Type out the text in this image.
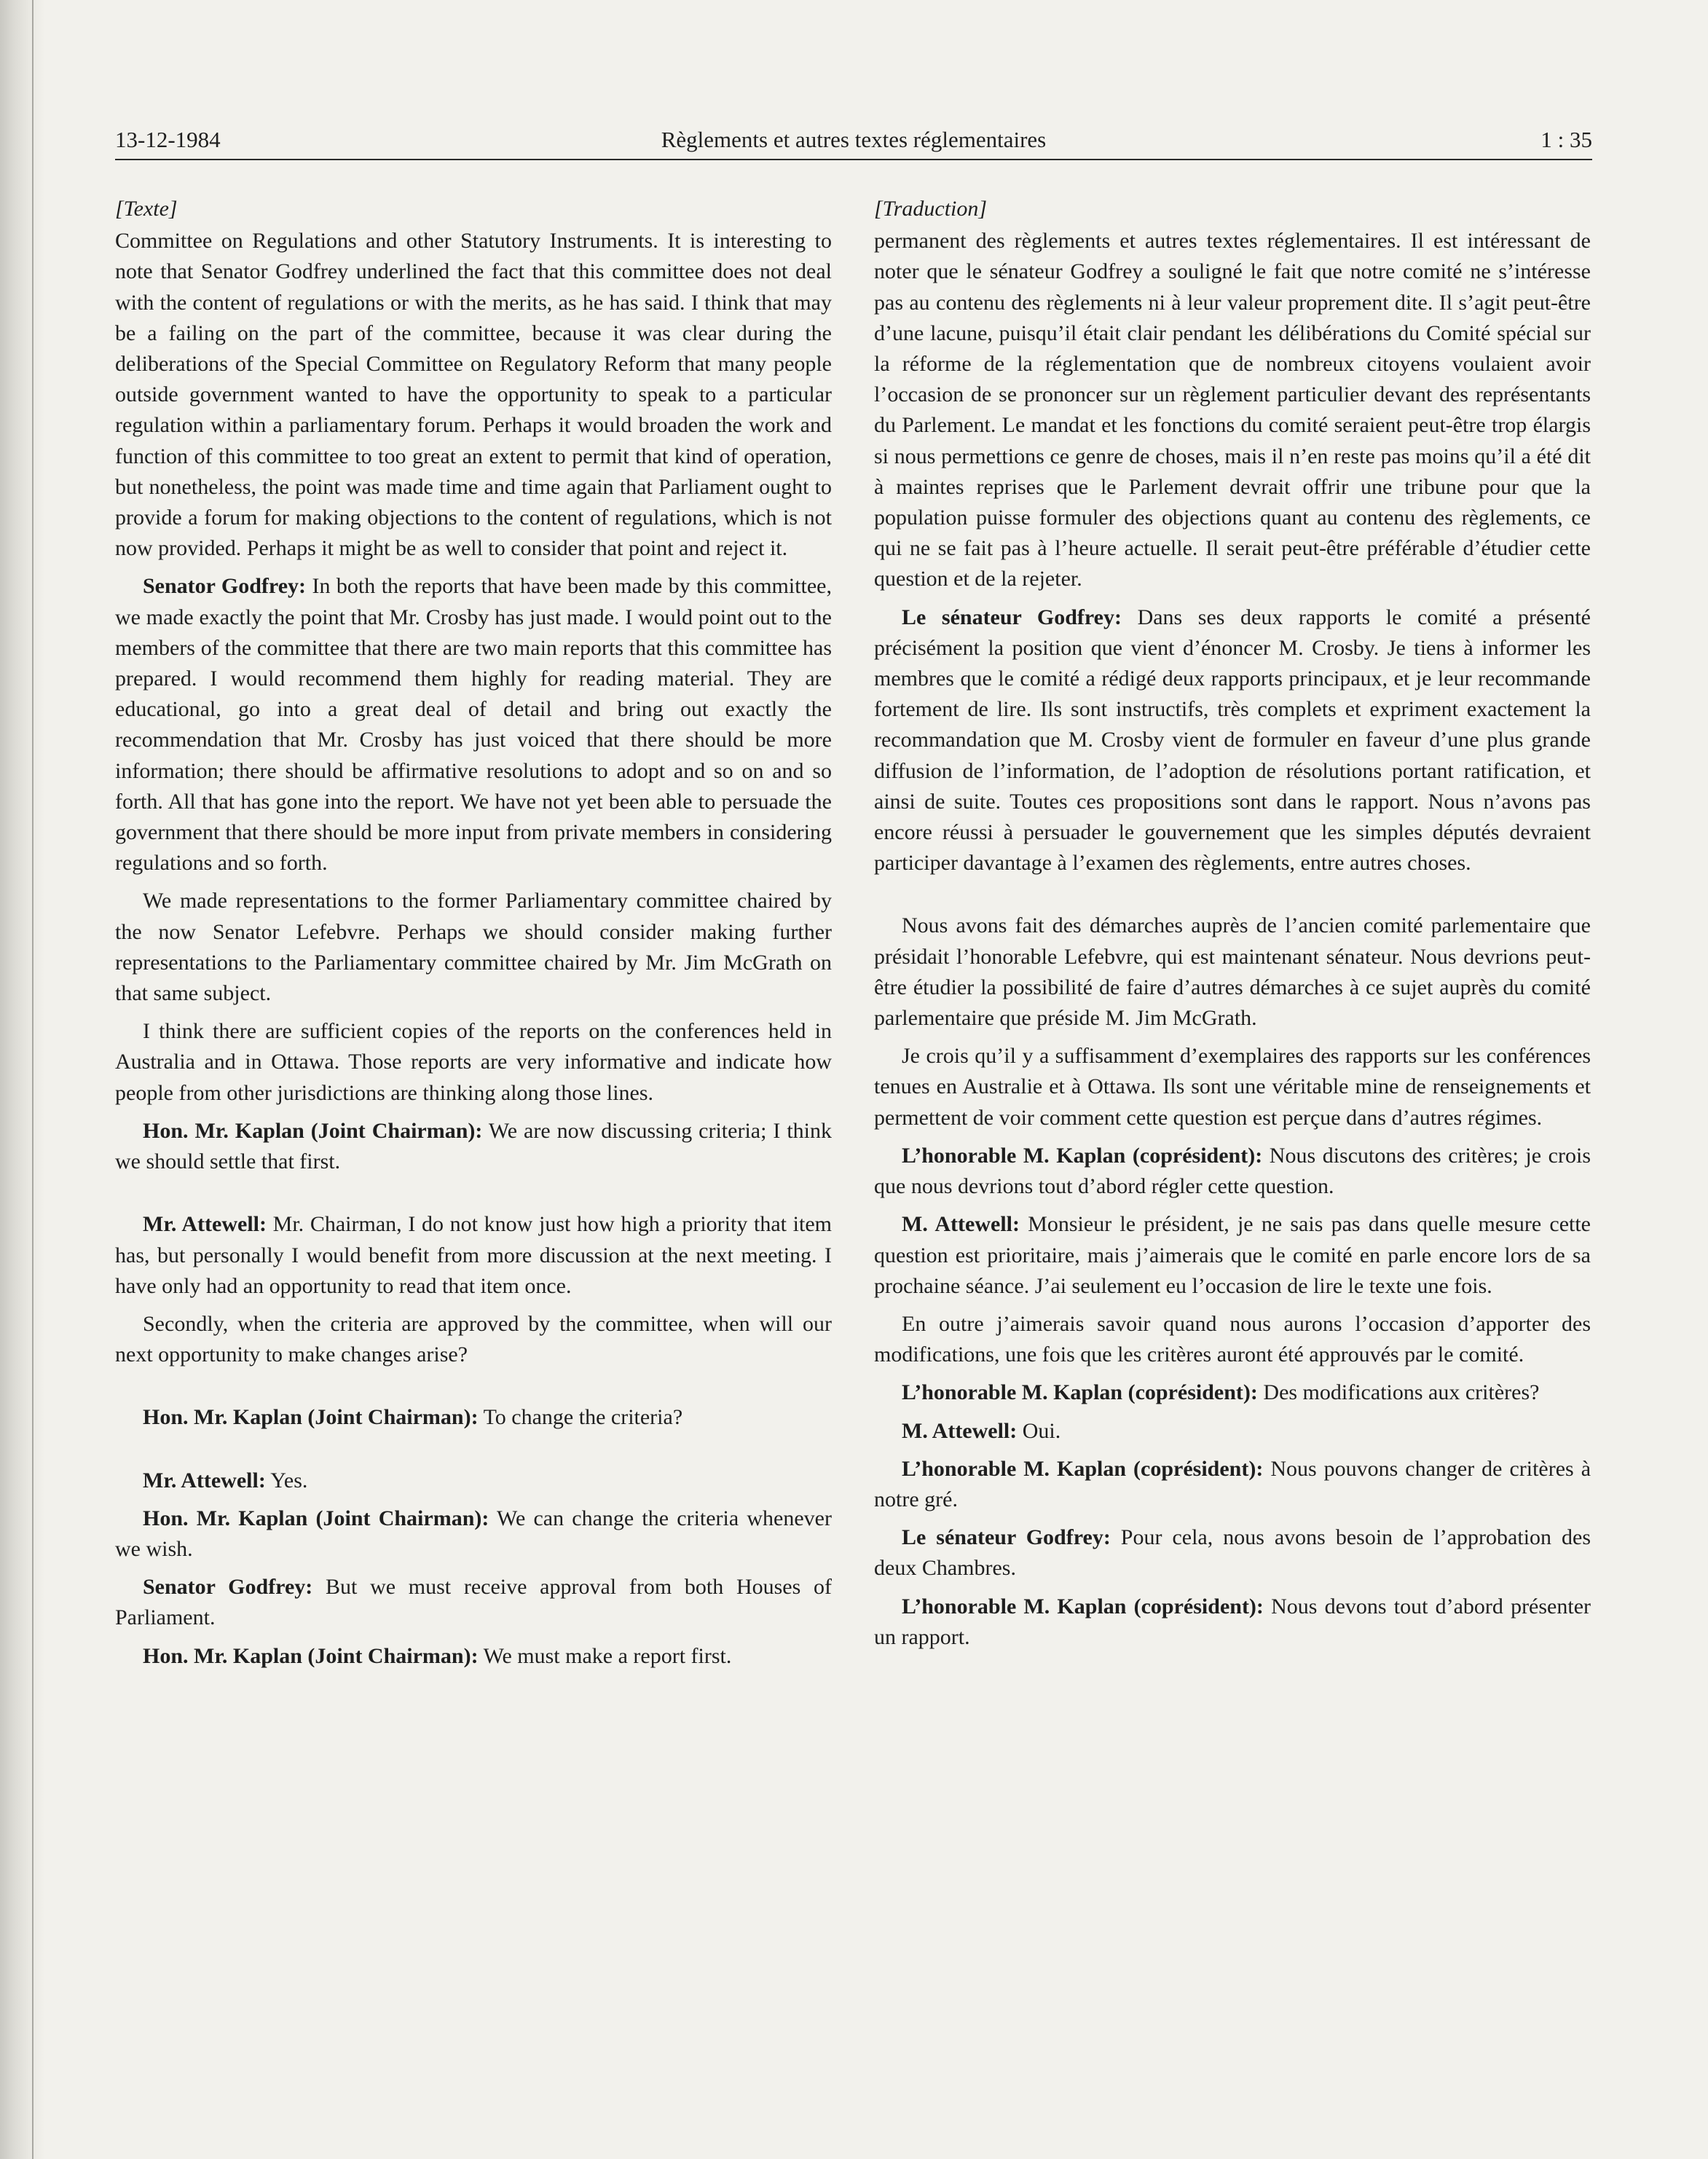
13-12-1984	Règlements et autres textes réglementaires	1 : 35
[Texte]

Committee on Regulations and other Statutory Instruments. It is interesting to note that Senator Godfrey underlined the fact that this committee does not deal with the content of regulations or with the merits, as he has said. I think that may be a failing on the part of the committee, because it was clear during the deliberations of the Special Committee on Regulatory Reform that many people outside government wanted to have the opportunity to speak to a particular regulation within a parliamentary forum. Perhaps it would broaden the work and function of this committee to too great an extent to permit that kind of operation, but nonetheless, the point was made time and time again that Parliament ought to provide a forum for making objections to the content of regulations, which is not now provided. Perhaps it might be as well to consider that point and reject it.

Senator Godfrey: In both the reports that have been made by this committee, we made exactly the point that Mr. Crosby has just made. I would point out to the members of the committee that there are two main reports that this committee has prepared. I would recommend them highly for reading material. They are educational, go into a great deal of detail and bring out exactly the recommendation that Mr. Crosby has just voiced that there should be more information; there should be affirmative resolutions to adopt and so on and so forth. All that has gone into the report. We have not yet been able to persuade the government that there should be more input from private members in considering regulations and so forth.

We made representations to the former Parliamentary committee chaired by the now Senator Lefebvre. Perhaps we should consider making further representations to the Parliamentary committee chaired by Mr. Jim McGrath on that same subject.

I think there are sufficient copies of the reports on the conferences held in Australia and in Ottawa. Those reports are very informative and indicate how people from other jurisdictions are thinking along those lines.

Hon. Mr. Kaplan (Joint Chairman): We are now discussing criteria; I think we should settle that first.

Mr. Attewell: Mr. Chairman, I do not know just how high a priority that item has, but personally I would benefit from more discussion at the next meeting. I have only had an opportunity to read that item once.

Secondly, when the criteria are approved by the committee, when will our next opportunity to make changes arise?

Hon. Mr. Kaplan (Joint Chairman): To change the criteria?

Mr. Attewell: Yes.

Hon. Mr. Kaplan (Joint Chairman): We can change the criteria whenever we wish.

Senator Godfrey: But we must receive approval from both Houses of Parliament.

Hon. Mr. Kaplan (Joint Chairman): We must make a report first.

[Traduction]

permanent des règlements et autres textes réglementaires. Il est intéressant de noter que le sénateur Godfrey a souligné le fait que notre comité ne s’intéresse pas au contenu des règlements ni à leur valeur proprement dite. Il s’agit peut-être d’une lacune, puisqu’il était clair pendant les délibérations du Comité spécial sur la réforme de la réglementation que de nombreux citoyens voulaient avoir l’occasion de se prononcer sur un règlement particulier devant des représentants du Parlement. Le mandat et les fonctions du comité seraient peut-être trop élargis si nous permettions ce genre de choses, mais il n’en reste pas moins qu’il a été dit à maintes reprises que le Parlement devrait offrir une tribune pour que la population puisse formuler des objections quant au contenu des règlements, ce qui ne se fait pas à l’heure actuelle. Il serait peut-être préférable d’étudier cette question et de la rejeter.

Le sénateur Godfrey: Dans ses deux rapports le comité a présenté précisément la position que vient d’énoncer M. Crosby. Je tiens à informer les membres que le comité a rédigé deux rapports principaux, et je leur recommande fortement de lire. Ils sont instructifs, très complets et expriment exactement la recommandation que M. Crosby vient de formuler en faveur d’une plus grande diffusion de l’information, de l’adoption de résolutions portant ratification, et ainsi de suite. Toutes ces propositions sont dans le rapport. Nous n’avons pas encore réussi à persuader le gouvernement que les simples députés devraient participer davantage à l’examen des règlements, entre autres choses.

Nous avons fait des démarches auprès de l’ancien comité parlementaire que présidait l’honorable Lefebvre, qui est maintenant sénateur. Nous devrions peut-être étudier la possibilité de faire d’autres démarches à ce sujet auprès du comité parlementaire que préside M. Jim McGrath.

Je crois qu’il y a suffisamment d’exemplaires des rapports sur les conférences tenues en Australie et à Ottawa. Ils sont une véritable mine de renseignements et permettent de voir comment cette question est perçue dans d’autres régimes.

L’honorable M. Kaplan (coprésident): Nous discutons des critères; je crois que nous devrions tout d’abord régler cette question.

M. Attewell: Monsieur le président, je ne sais pas dans quelle mesure cette question est prioritaire, mais j’aimerais que le comité en parle encore lors de sa prochaine séance. J’ai seulement eu l’occasion de lire le texte une fois.

En outre j’aimerais savoir quand nous aurons l’occasion d’apporter des modifications, une fois que les critères auront été approuvés par le comité.

L’honorable M. Kaplan (coprésident): Des modifications aux critères?

M. Attewell: Oui.

L’honorable M. Kaplan (coprésident): Nous pouvons changer de critères à notre gré.

Le sénateur Godfrey: Pour cela, nous avons besoin de l’approbation des deux Chambres.

L’honorable M. Kaplan (coprésident): Nous devons tout d’abord présenter un rapport.
